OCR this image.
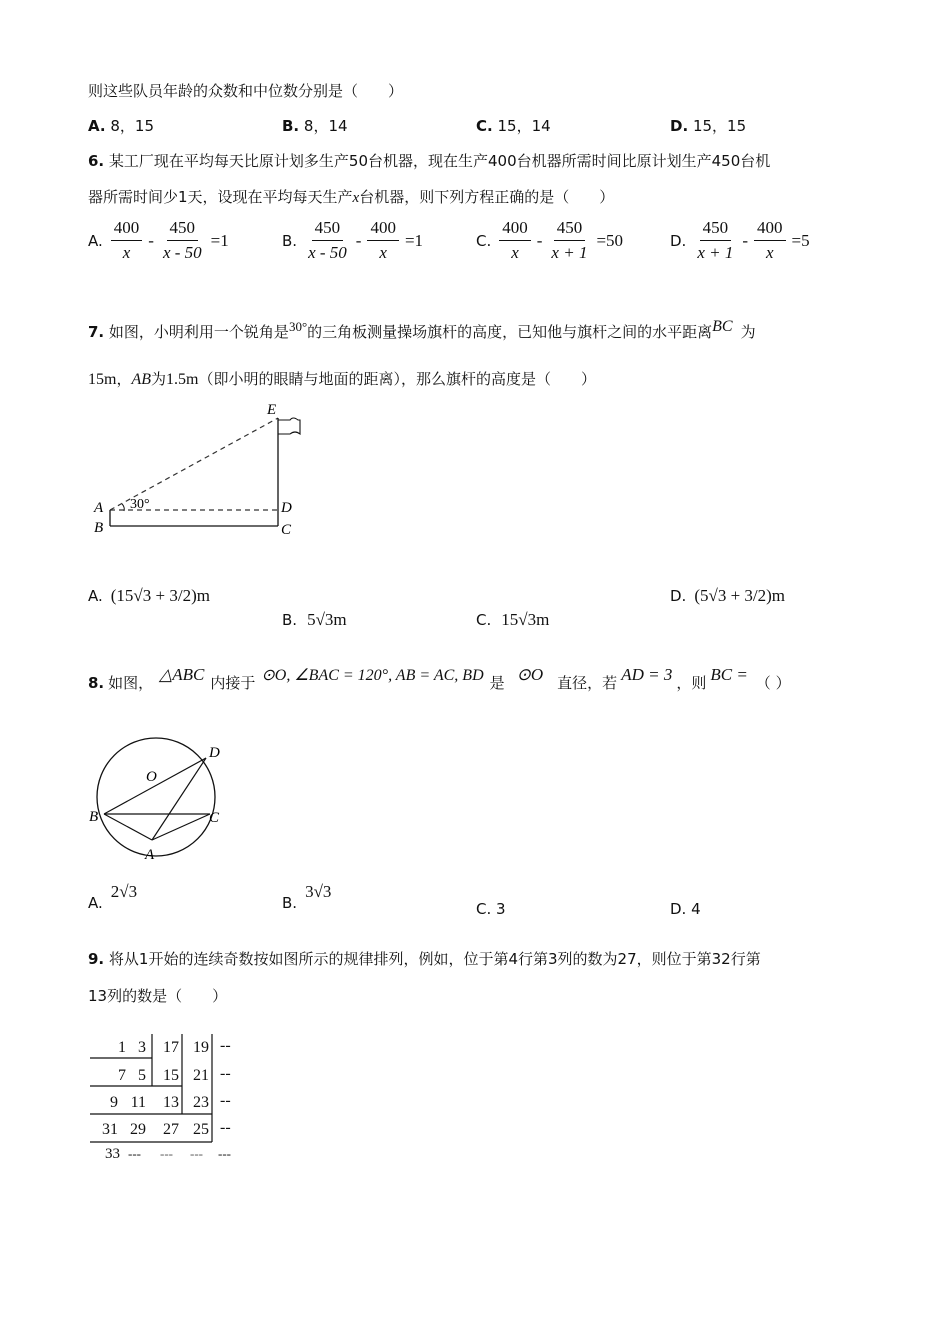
则这些队员年龄的众数和中位数分别是（　　）
A. 8，15	B. 8，14	C. 15，14	D. 15，15
6. 某工厂现在平均每天比原计划多生产50台机器，现在生产400台机器所需时间比原计划生产450台机
器所需时间少1天，设现在平均每天生产x台机器，则下列方程正确的是（　　）
A. $\frac{400}{x} - \frac{450}{x - 50} =1$	B. $\frac{450}{x - 50} - \frac{400}{x} =1$	C. $\frac{400}{x} - \frac{450}{x + 1} =50$	D. $\frac{450}{x + 1} - \frac{400}{x} =5$
7. 如图，小明利用一个锐角是$^{30^\circ}$的三角板测量操场旗杆的高度，已知他与旗杆之间的水平距离$^{BC}$ 为
15m，AB为1.5m（即小明的眼睛与地面的距离），那么旗杆的高度是（　　）
E
A
B
D
C
30°
A. (15√3 + 3/2)m
B. 5√3m	C. 15√3m
D. (5√3 + 3/2)m
8. 如图， △ABC 内接于 ⊙O, ∠BAC = 120°, AB = AC, BD 是 ⊙O 直径，若 AD = 3 ，则 BC = （ ）
O
D
B	C
A
A.
2√3
B.
3√3
C. 3	D. 4
9. 将从1开始的连续奇数按如图所示的规律排列，例如，位于第4行第3列的数为27，则位于第32行第
13列的数是（　　）
1 3	17 19 --
7 5	15 21 --
9 11	13 23 --
31 29	27 25 --
33 --- --- --- ---
